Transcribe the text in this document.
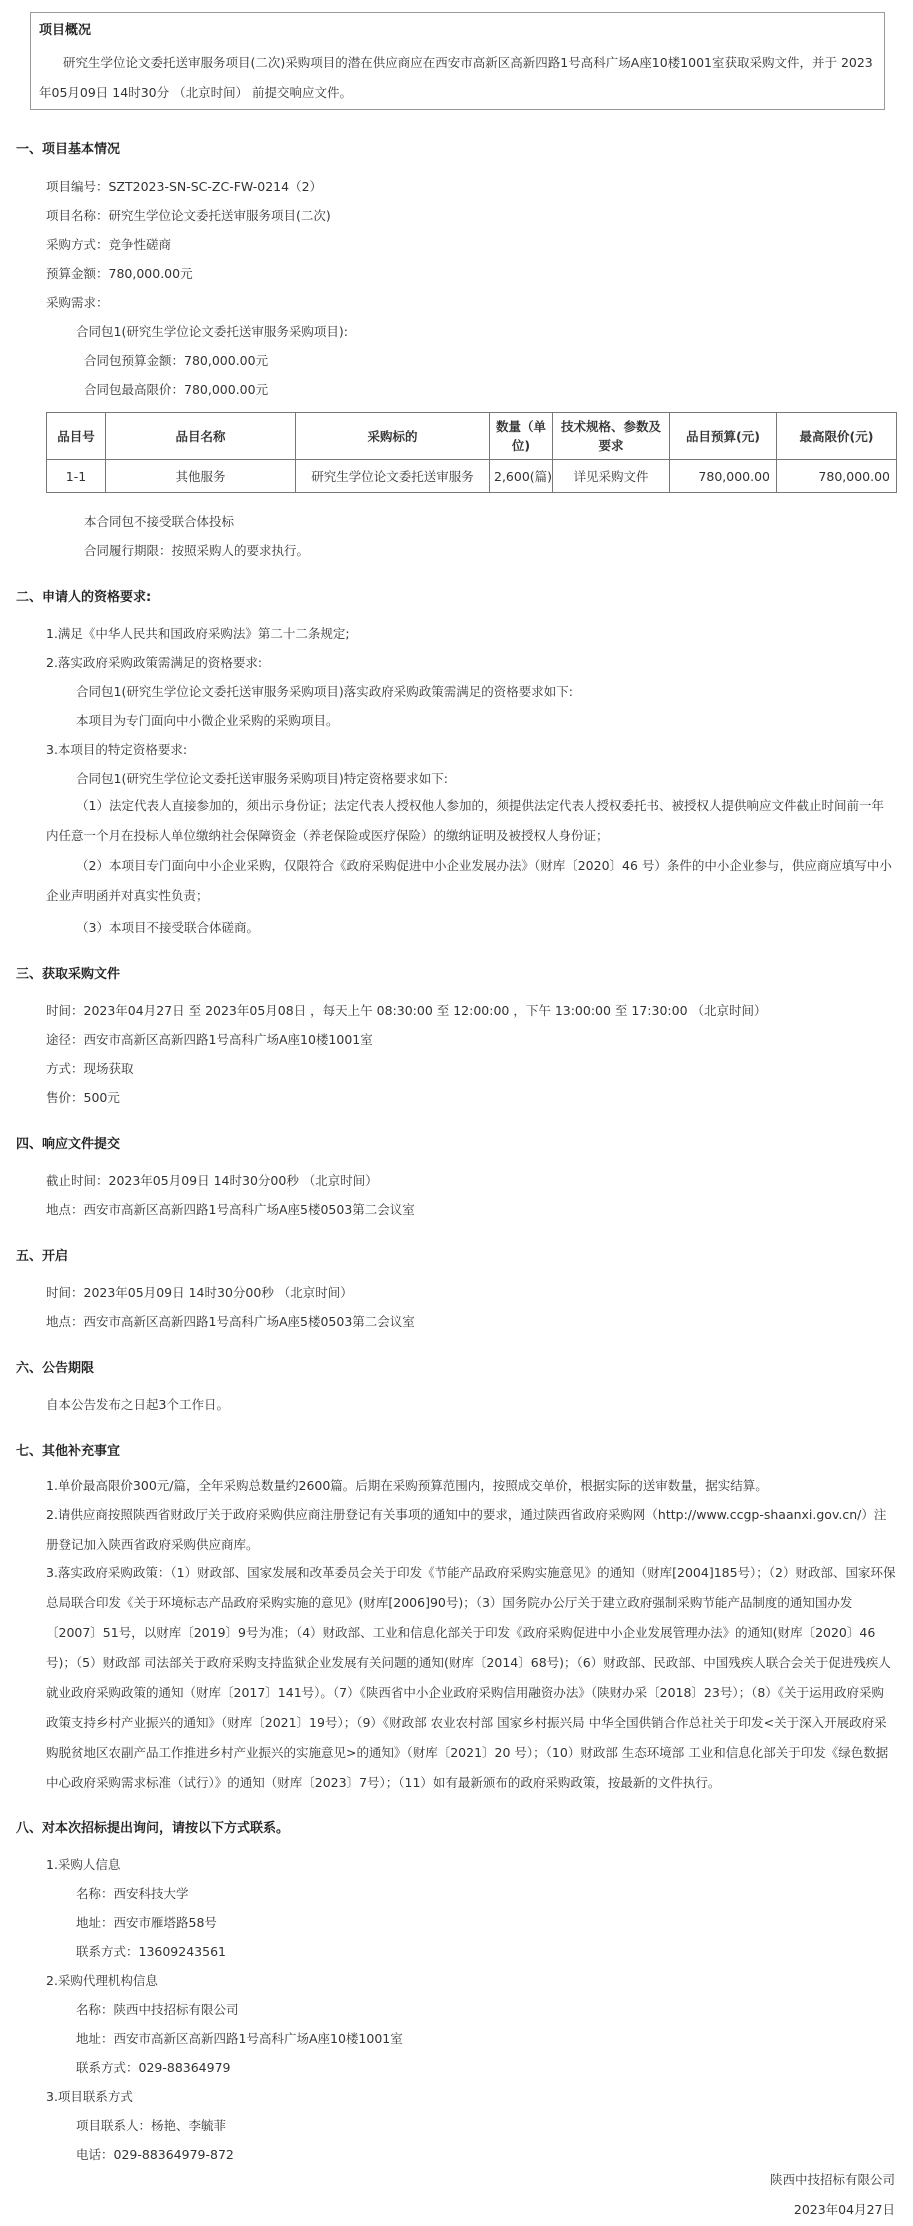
项目概况
研究生学位论文委托送审服务项目(二次)采购项目的潜在供应商应在西安市高新区高新四路1号高科广场A座10楼1001室获取采购文件，并于 2023年05月09日 14时30分 （北京时间） 前提交响应文件。
一、项目基本情况
项目编号：SZT2023-SN-SC-ZC-FW-0214（2）
项目名称：研究生学位论文委托送审服务项目(二次)
采购方式：竞争性磋商
预算金额：780,000.00元
采购需求：
合同包1(研究生学位论文委托送审服务采购项目):
合同包预算金额：780,000.00元
合同包最高限价：780,000.00元
品目号	品目名称	采购标的	数量（单位)	技术规格、参数及要求	品目预算(元)	最高限价(元)
1-1	其他服务	研究生学位论文委托送审服务	2,600(篇)	详见采购文件	780,000.00	780,000.00
本合同包不接受联合体投标
合同履行期限：按照采购人的要求执行。
二、申请人的资格要求:
1.满足《中华人民共和国政府采购法》第二十二条规定;
2.落实政府采购政策需满足的资格要求:
合同包1(研究生学位论文委托送审服务采购项目)落实政府采购政策需满足的资格要求如下:
本项目为专门面向中小微企业采购的采购项目。
3.本项目的特定资格要求:
合同包1(研究生学位论文委托送审服务采购项目)特定资格要求如下:
（1）法定代表人直接参加的，须出示身份证；法定代表人授权他人参加的，须提供法定代表人授权委托书、被授权人提供响应文件截止时间前一年内任意一个月在投标人单位缴纳社会保障资金（养老保险或医疗保险）的缴纳证明及被授权人身份证；
（2）本项目专门面向中小企业采购，仅限符合《政府采购促进中小企业发展办法》（财库〔2020〕46 号）条件的中小企业参与，供应商应填写中小企业声明函并对真实性负责；
（3）本项目不接受联合体磋商。
三、获取采购文件
时间：2023年04月27日 至 2023年05月08日 ，每天上午 08:30:00 至 12:00:00 ，下午 13:00:00 至 17:30:00 （北京时间）
途径：西安市高新区高新四路1号高科广场A座10楼1001室
方式：现场获取
售价：500元
四、响应文件提交
截止时间：2023年05月09日 14时30分00秒 （北京时间）
地点：西安市高新区高新四路1号高科广场A座5楼0503第二会议室
五、开启
时间：2023年05月09日 14时30分00秒 （北京时间）
地点：西安市高新区高新四路1号高科广场A座5楼0503第二会议室
六、公告期限
自本公告发布之日起3个工作日。
七、其他补充事宜
1.单价最高限价300元/篇，全年采购总数量约2600篇。后期在采购预算范围内，按照成交单价，根据实际的送审数量，据实结算。
2.请供应商按照陕西省财政厅关于政府采购供应商注册登记有关事项的通知中的要求，通过陕西省政府采购网（http://www.ccgp-shaanxi.gov.cn/）注册登记加入陕西省政府采购供应商库。
3.落实政府采购政策：（1）财政部、国家发展和改革委员会关于印发《节能产品政府采购实施意见》的通知（财库[2004]185号）；（2）财政部、国家环保总局联合印发《关于环境标志产品政府采购实施的意见》(财库[2006]90号)；（3）国务院办公厅关于建立政府强制采购节能产品制度的通知国办发〔2007〕51号，以财库〔2019〕9号为准；（4）财政部、工业和信息化部关于印发《政府采购促进中小企业发展管理办法》的通知(财库〔2020〕46号)；（5）财政部 司法部关于政府采购支持监狱企业发展有关问题的通知(财库〔2014〕68号)；（6）财政部、民政部、中国残疾人联合会关于促进残疾人就业政府采购政策的通知（财库〔2017〕141号）。（7）《陕西省中小企业政府采购信用融资办法》（陕财办采〔2018〕23号）；（8）《关于运用政府采购政策支持乡村产业振兴的通知》（财库〔2021〕19号）；（9）《财政部 农业农村部 国家乡村振兴局 中华全国供销合作总社关于印发<关于深入开展政府采购脱贫地区农副产品工作推进乡村产业振兴的实施意见>的通知》（财库〔2021〕20 号）；（10）财政部 生态环境部 工业和信息化部关于印发《绿色数据中心政府采购需求标准（试行）》的通知（财库〔2023〕7号）；（11）如有最新颁布的政府采购政策，按最新的文件执行。
八、对本次招标提出询问，请按以下方式联系。
1.采购人信息
名称：西安科技大学
地址：西安市雁塔路58号
联系方式：13609243561
2.采购代理机构信息
名称：陕西中技招标有限公司
地址：西安市高新区高新四路1号高科广场A座10楼1001室
联系方式：029-88364979
3.项目联系方式
项目联系人：杨艳、李毓菲
电话：029-88364979-872
陕西中技招标有限公司
2023年04月27日
